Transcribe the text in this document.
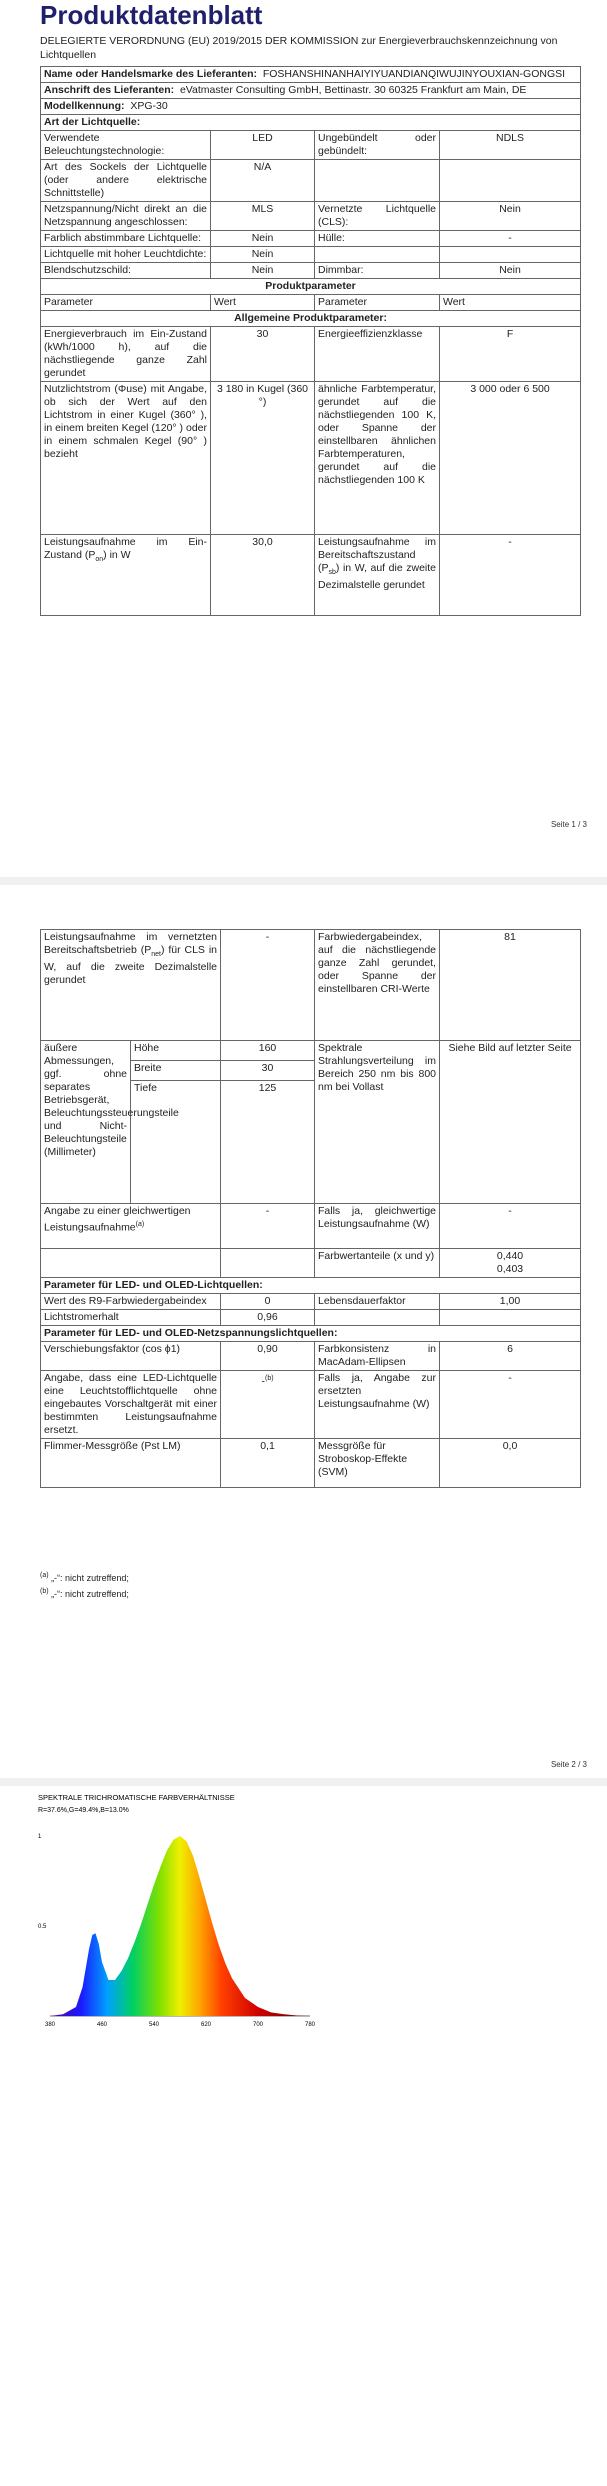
Produktdatenblatt
DELEGIERTE VERORDNUNG (EU) 2019/2015 DER KOMMISSION zur Energieverbrauchskennzeichnung von Lichtquellen
Name oder Handelsmarke des Lieferanten: FOSHANSHINANHAIYIYUANDIANQIWUJINYOUXIAN-GONGSI			
Anschrift des Lieferanten: eVatmaster Consulting GmbH, Bettinastr. 30 60325 Frankfurt am Main, DE			
Modellkennung: XPG-30			
Art der Lichtquelle:			
Verwendete Beleuchtungstechnologie:	LED	Ungebündelt oder gebündelt:	NDLS
Art des Sockels der Lichtquelle (oder andere elektrische Schnittstelle)	N/A		
Netzspannung/Nicht direkt an die Netzspannung angeschlossen:	MLS	Vernetzte Lichtquelle (CLS):	Nein
Farblich abstimmbare Lichtquelle:	Nein	Hülle:	-
Lichtquelle mit hoher Leuchtdichte:	Nein		
Blendschutzschild:	Nein	Dimmbar:	Nein
Produktparameter			
Parameter	Wert	Parameter	Wert
Allgemeine Produktparameter:			
Energieverbrauch im Ein-Zustand (kWh/1000 h), auf die nächstliegende ganze Zahl gerundet	30	Energieeffizienzklasse	F
Nutzlichtstrom (Φuse) mit Angabe, ob sich der Wert auf den Lichtstrom in einer Kugel (360° ), in einem breiten Kegel (120° ) oder in einem schmalen Kegel (90° ) bezieht	3 180 in Kugel (360 °)	ähnliche Farbtemperatur, gerundet auf die nächstliegenden 100 K, oder Spanne der einstellbaren ähnlichen Farbtemperaturen, gerundet auf die nächstliegenden 100 K	3 000 oder 6 500
Leistungsaufnahme im Ein-Zustand $(P_{on})$ in W	30,0	Leistungsaufnahme im Bereitschaftszustand $(P_{sb})$ in W, auf die zweite Dezimalstelle gerundet	-
Seite 1 / 3
Leistungsaufnahme im vernetzten Bereitschaftsbetrieb $(P_{net})$ für CLS in W, auf die zweite Dezimalstelle gerundet		-	Farbwiedergabeindex, auf die nächstliegende ganze Zahl gerundet, oder Spanne der einstellbaren CRI-Werte	81
äußere Abmessungen, ggf. ohne separates Betriebsgerät, Beleuchtungssteuerungsteile und Nicht-Beleuchtungsteile (Millimeter)	Höhe	160	Spektrale Strahlungsverteilung im Bereich 250 nm bis 800 nm bei Vollast	Siehe Bild auf letzter Seite
	Breite	30		
	Tiefe	125		
Angabe zu einer gleichwertigen Leistungsaufnahme$^{(a)}$		-	Falls ja, gleichwertige Leistungsaufnahme (W)	-
			Farbwertanteile (x und y)	0,440
0,403

Parameter für LED- und OLED-Lichtquellen:				
Wert des R9-Farbwiedergabeindex		0	Lebensdauerfaktor	1,00
Lichtstromerhalt		0,96		
Parameter für LED- und OLED-Netzspannungslichtquellen:				
Verschiebungsfaktor (cos ϕ1)		0,90	Farbkonsistenz in MacAdam-Ellipsen	6
Angabe, dass eine LED-Lichtquelle eine Leuchtstofflichtquelle ohne eingebautes Vorschaltgerät mit einer bestimmten Leistungsaufnahme ersetzt.		-$^{(b)}$	Falls ja, Angabe zur ersetzten Leistungsaufnahme (W)	-
Flimmer-Messgröße (Pst LM)		0,1	Messgröße für Stroboskop-Effekte (SVM)	0,0
$^{(a)}$ „-“: nicht zutreffend;
$^{(b)}$ „-“: nicht zutreffend;
Seite 2 / 3
SPEKTRALE TRICHROMATISCHE FARBVERHÄLTNISSE
R=37.6%,G=49.4%,B=13.0%
380	460	540	620	700	780
1
0.5
